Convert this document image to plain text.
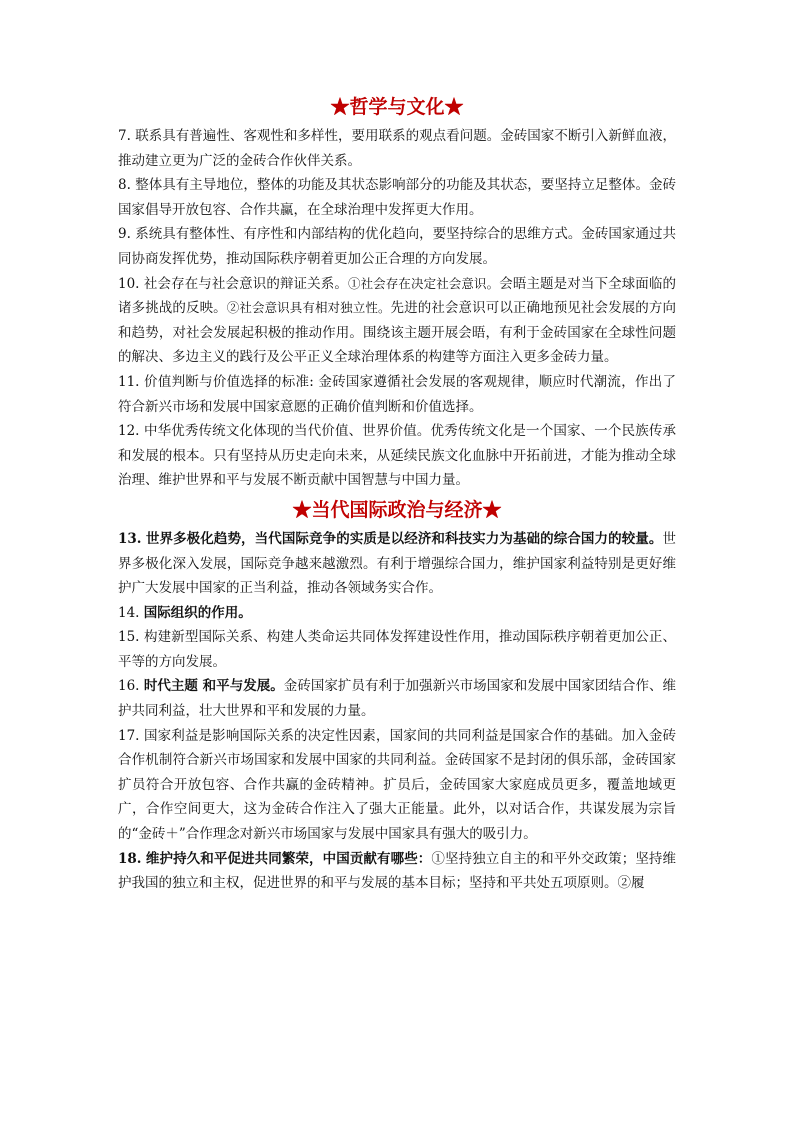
★哲学与文化★

7. 联系具有普遍性、客观性和多样性，要用联系的观点看问题。金砖国家不断引入新鲜血液，推动建立更为广泛的金砖合作伙伴关系。

8. 整体具有主导地位，整体的功能及其状态影响部分的功能及其状态，要坚持立足整体。金砖国家倡导开放包容、合作共赢，在全球治理中发挥更大作用。

9. 系统具有整体性、有序性和内部结构的优化趋向，要坚持综合的思维方式。金砖国家通过共同协商发挥优势，推动国际秩序朝着更加公正合理的方向发展。

10. 社会存在与社会意识的辩证关系。①社会存在决定社会意识。会晤主题是对当下全球面临的诸多挑战的反映。②社会意识具有相对独立性。先进的社会意识可以正确地预见社会发展的方向和趋势，对社会发展起积极的推动作用。围绕该主题开展会晤，有利于金砖国家在全球性问题的解决、多边主义的践行及公平正义全球治理体系的构建等方面注入更多金砖力量。

11. 价值判断与价值选择的标准: 金砖国家遵循社会发展的客观规律，顺应时代潮流，作出了符合新兴市场和发展中国家意愿的正确价值判断和价值选择。

12. 中华优秀传统文化体现的当代价值、世界价值。优秀传统文化是一个国家、一个民族传承和发展的根本。只有坚持从历史走向未来，从延续民族文化血脉中开拓前进，才能为推动全球治理、维护世界和平与发展不断贡献中国智慧与中国力量。

★当代国际政治与经济★

13. 世界多极化趋势，当代国际竞争的实质是以经济和科技实力为基础的综合国力的较量。世界多极化深入发展，国际竞争越来越激烈。有利于增强综合国力，维护国家利益特别是更好维护广大发展中国家的正当利益，推动各领域务实合作。

14. 国际组织的作用。

15. 构建新型国际关系、构建人类命运共同体发挥建设性作用，推动国际秩序朝着更加公正、平等的方向发展。

16. 时代主题 和平与发展。金砖国家扩员有利于加强新兴市场国家和发展中国家团结合作、维护共同利益，壮大世界和平和发展的力量。

17. 国家利益是影响国际关系的决定性因素，国家间的共同利益是国家合作的基础。加入金砖合作机制符合新兴市场国家和发展中国家的共同利益。金砖国家不是封闭的俱乐部，金砖国家扩员符合开放包容、合作共赢的金砖精神。扩员后，金砖国家大家庭成员更多，覆盖地域更广，合作空间更大，这为金砖合作注入了强大正能量。此外，以对话合作，共谋发展为宗旨的“金砖＋”合作理念对新兴市场国家与发展中国家具有强大的吸引力。

18. 维护持久和平促进共同繁荣，中国贡献有哪些：①坚持独立自主的和平外交政策；坚持维护我国的独立和主权，促进世界的和平与发展的基本目标；坚持和平共处五项原则。②履
